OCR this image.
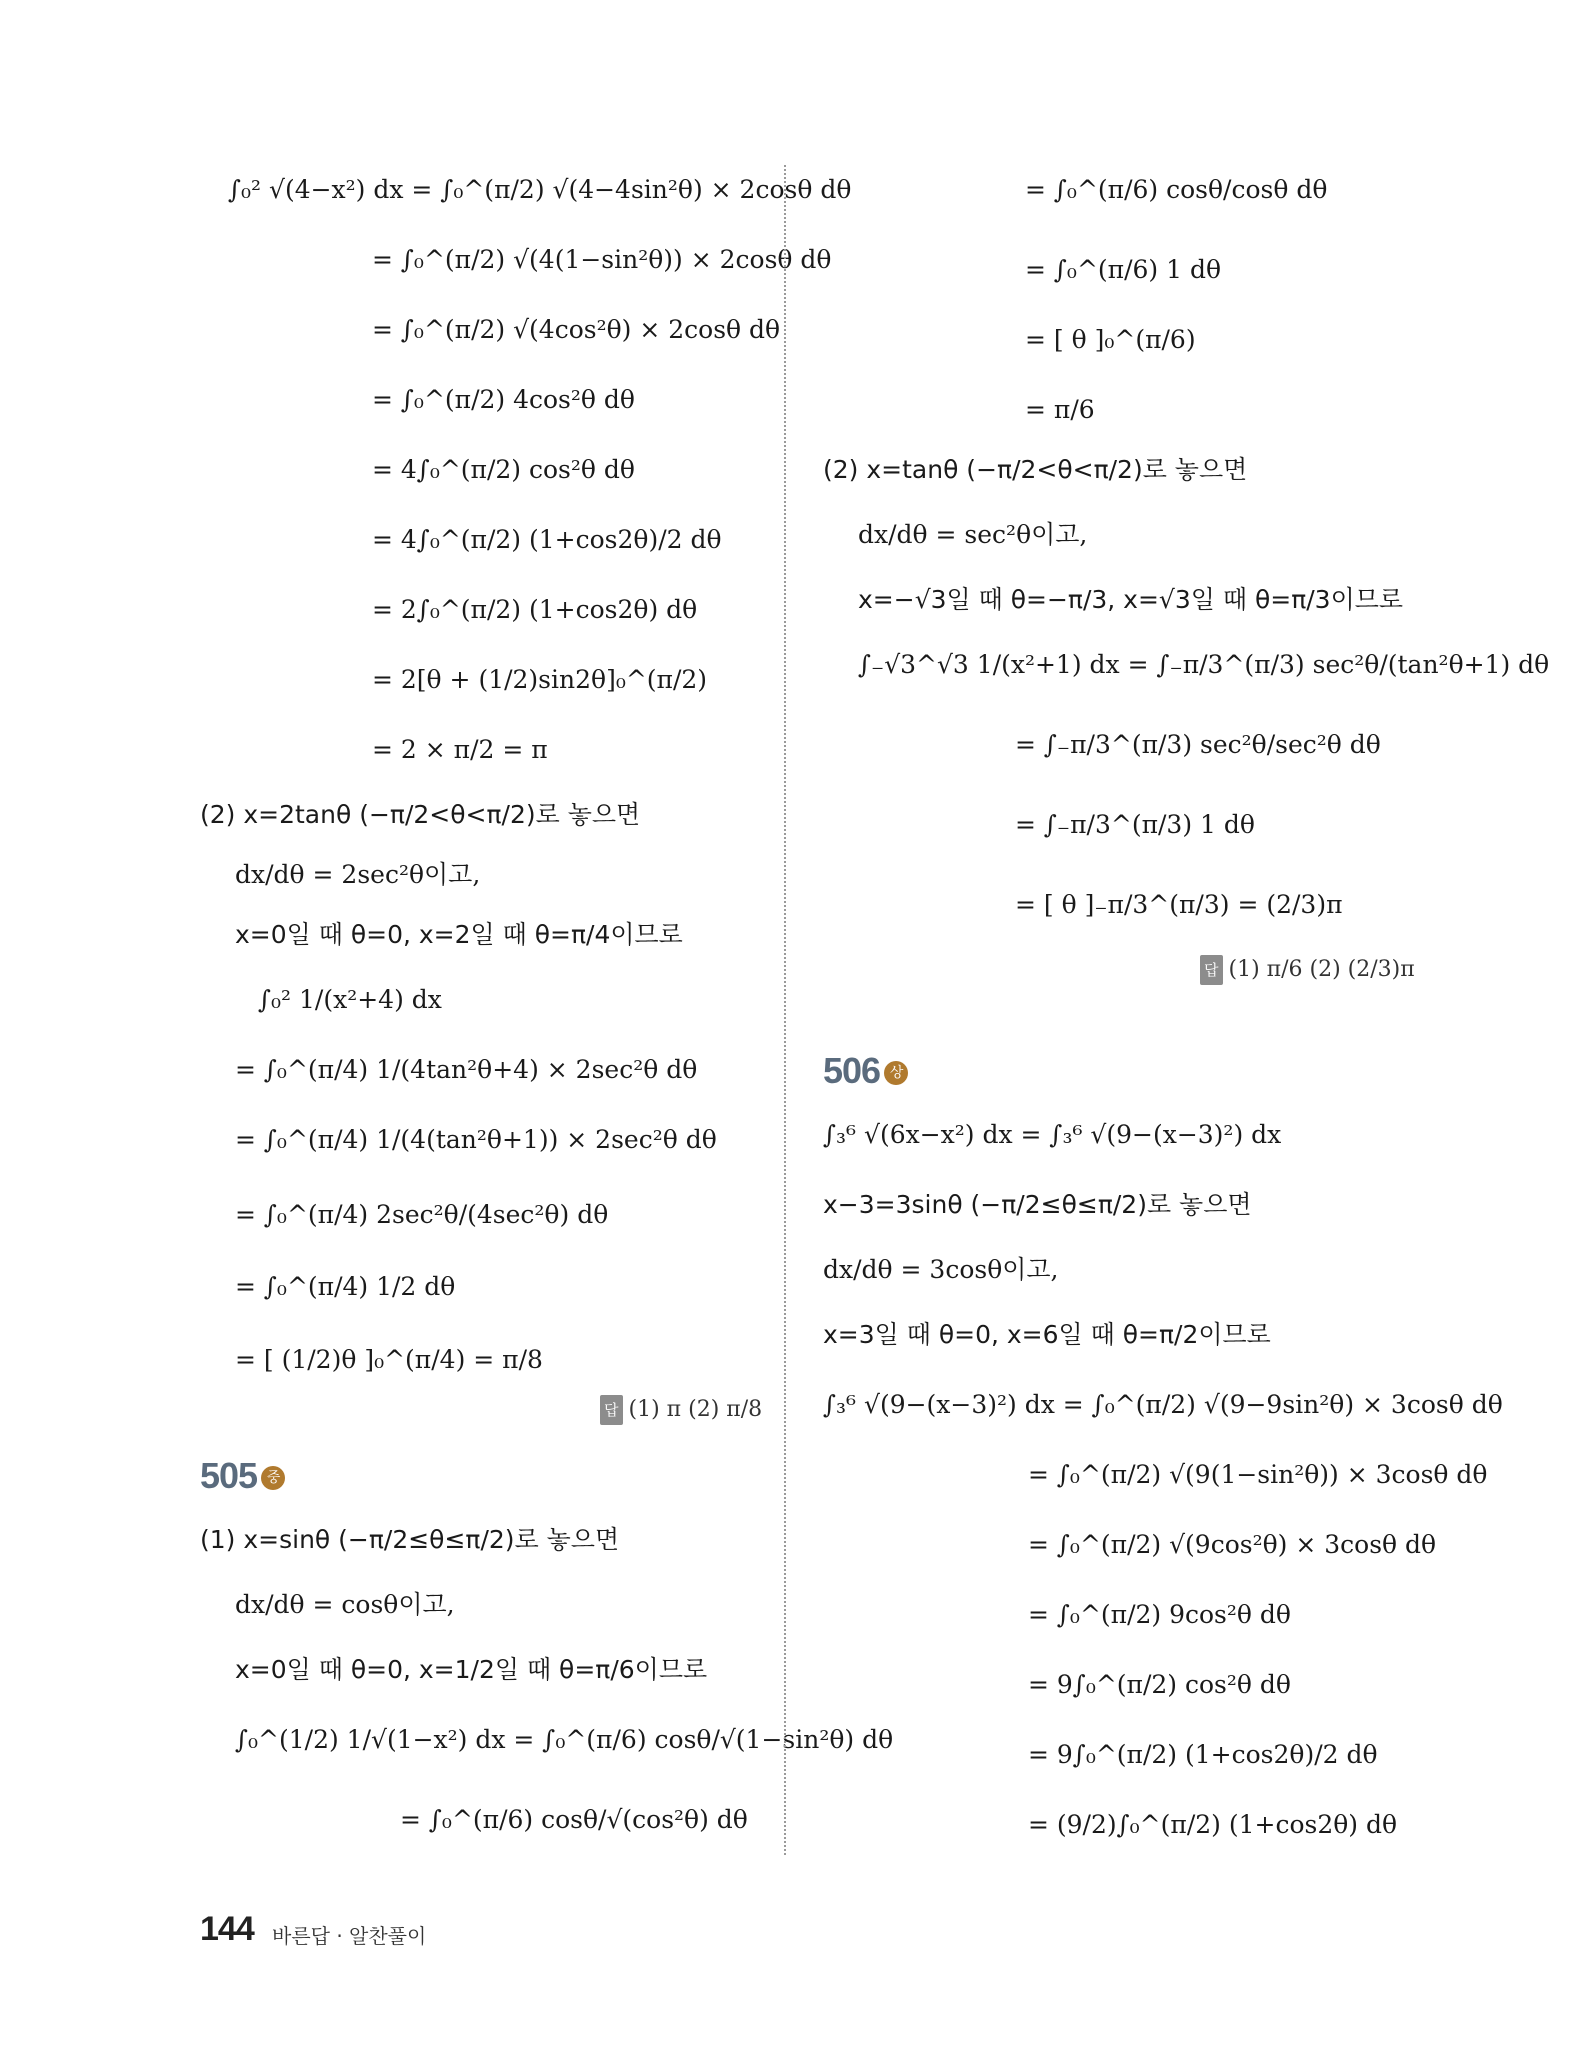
∫₀² √(4−x²) dx = ∫₀^(π/2) √(4−4sin²θ) × 2cosθ dθ
= ∫₀^(π/2) √(4(1−sin²θ)) × 2cosθ dθ
= ∫₀^(π/2) √(4cos²θ) × 2cosθ dθ
= ∫₀^(π/2) 4cos²θ dθ
= 4∫₀^(π/2) cos²θ dθ
= 4∫₀^(π/2) (1+cos2θ)/2 dθ
= 2∫₀^(π/2) (1+cos2θ) dθ
= 2[θ + (1/2)sin2θ]₀^(π/2)
= 2 × π/2 = π
(2) x=2tanθ (−π/2<θ<π/2)로 놓으면
dx/dθ = 2sec²θ이고,
x=0일 때 θ=0, x=2일 때 θ=π/4이므로
∫₀² 1/(x²+4) dx
= ∫₀^(π/4) 1/(4tan²θ+4) × 2sec²θ dθ
= ∫₀^(π/4) 1/(4(tan²θ+1)) × 2sec²θ dθ
= ∫₀^(π/4) 2sec²θ/(4sec²θ) dθ
= ∫₀^(π/4) 1/2 dθ
= [ (1/2)θ ]₀^(π/4) = π/8
답 (1) π (2) π/8
505 중
(1) x=sinθ (−π/2≤θ≤π/2)로 놓으면
dx/dθ = cosθ이고,
x=0일 때 θ=0, x=1/2일 때 θ=π/6이므로
∫₀^(1/2) 1/√(1−x²) dx = ∫₀^(π/6) cosθ/√(1−sin²θ) dθ
= ∫₀^(π/6) cosθ/√(cos²θ) dθ
= ∫₀^(π/6) cosθ/cosθ dθ
= ∫₀^(π/6) 1 dθ
= [ θ ]₀^(π/6)
= π/6
(2) x=tanθ (−π/2<θ<π/2)로 놓으면
dx/dθ = sec²θ이고,
x=−√3일 때 θ=−π/3, x=√3일 때 θ=π/3이므로
∫₋√3^√3 1/(x²+1) dx = ∫₋π/3^(π/3) sec²θ/(tan²θ+1) dθ
= ∫₋π/3^(π/3) sec²θ/sec²θ dθ
= ∫₋π/3^(π/3) 1 dθ
= [ θ ]₋π/3^(π/3) = (2/3)π
답 (1) π/6 (2) (2/3)π
506 상
∫₃⁶ √(6x−x²) dx = ∫₃⁶ √(9−(x−3)²) dx
x−3=3sinθ (−π/2≤θ≤π/2)로 놓으면
dx/dθ = 3cosθ이고,
x=3일 때 θ=0, x=6일 때 θ=π/2이므로
∫₃⁶ √(9−(x−3)²) dx = ∫₀^(π/2) √(9−9sin²θ) × 3cosθ dθ
= ∫₀^(π/2) √(9(1−sin²θ)) × 3cosθ dθ
= ∫₀^(π/2) √(9cos²θ) × 3cosθ dθ
= ∫₀^(π/2) 9cos²θ dθ
= 9∫₀^(π/2) cos²θ dθ
= 9∫₀^(π/2) (1+cos2θ)/2 dθ
= (9/2)∫₀^(π/2) (1+cos2θ) dθ
144 바른답 · 알찬풀이
